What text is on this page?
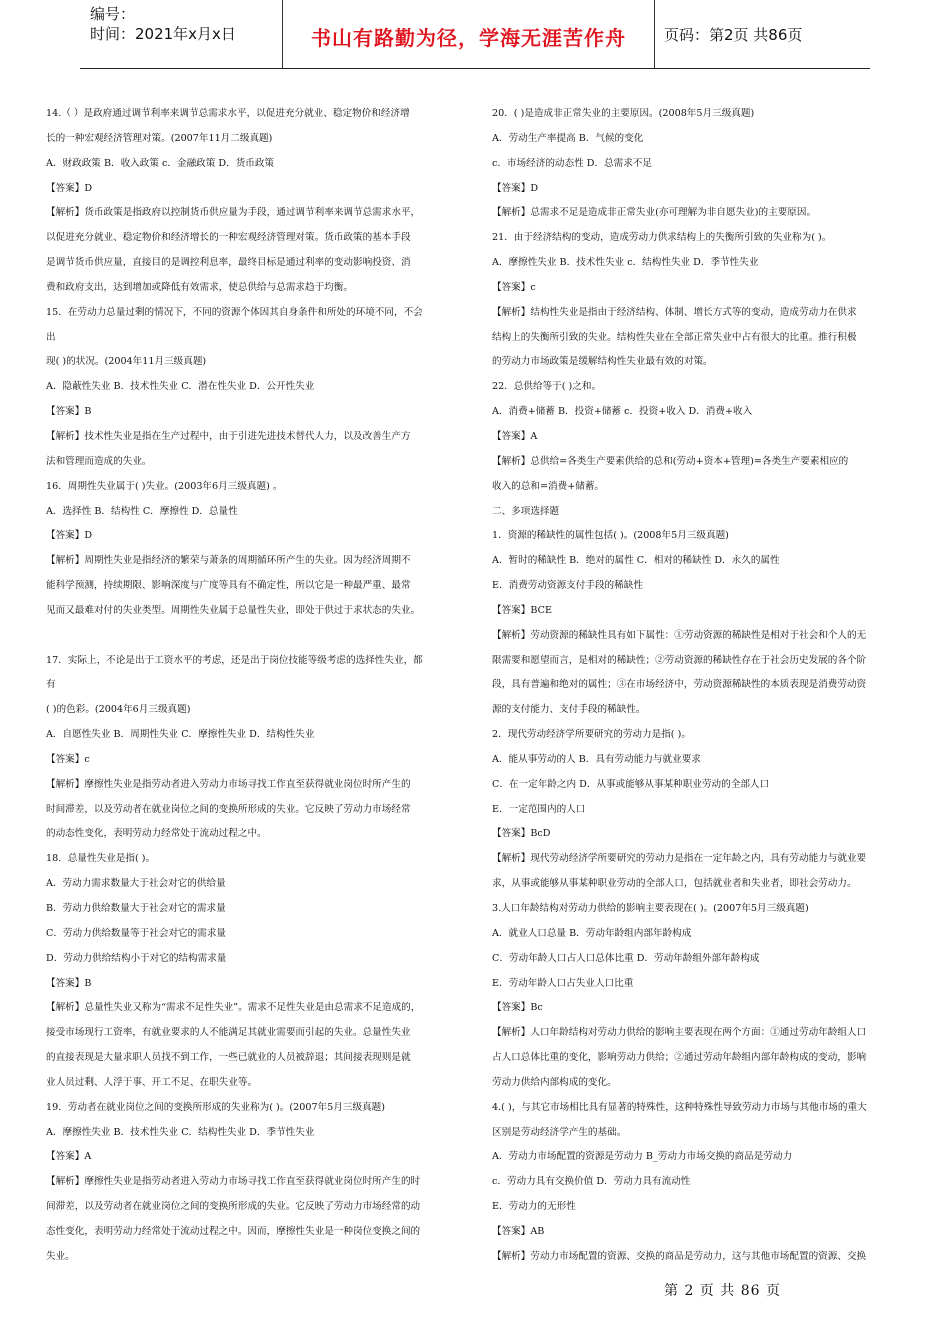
编号：
时间：2021年x月x日	书山有路勤为径，学海无涯苦作舟	页码：第2页 共86页
14.（ ）是政府通过调节利率来调节总需求水平，以促进充分就业、稳定物价和经济增
长的一种宏观经济管理对策。(2007年11月二级真题)
A．财政政策 B．收入政策 c．金融政策 D．货币政策
【答案】D
【解析】货币政策是指政府以控制货币供应量为手段，通过调节利率来调节总需求水平，
以促进充分就业、稳定物价和经济增长的一种宏观经济管理对策。货币政策的基本手段
是调节货币供应量，直接目的是调控利息率，最终目标是通过利率的变动影响投资、消
费和政府支出，达到增加或降低有效需求，使总供给与总需求趋于均衡。
15．在劳动力总量过剩的情况下，不同的资源个体因其自身条件和所处的环境不同，不会
出
现( )的状况。(2004年11月三级真题)
A．隐蔽性失业 B．技术性失业 C．潜在性失业 D．公开性失业
【答案】B
【解析】技术性失业是指在生产过程中，由于引进先进技术替代人力，以及改善生产方
法和管理而造成的失业。
16．周期性失业属于( )失业。(2003年6月三级真题) 。
A．选择性 B．结构性 C．摩擦性 D．总量性
【答案】D
【解析】周期性失业是指经济的繁荣与萧条的周期循环所产生的失业。因为经济周期不
能科学预测，持续期限、影响深度与广度等具有不确定性，所以它是一种最严重、最常
见而又最难对付的失业类型。周期性失业属于总量性失业，即处于供过于求状态的失业。
17．实际上，不论是出于工资水平的考虑，还是出于岗位技能等级考虑的选择性失业，都
有
( )的色彩。(2004年6月三级真题)
A．自愿性失业 B．周期性失业 C．摩擦性失业 D．结构性失业
【答案】c
【解析】摩擦性失业是指劳动者进入劳动力市场寻找工作直至获得就业岗位时所产生的
时间滞差，以及劳动者在就业岗位之间的变换所形成的失业。它反映了劳动力市场经常
的动态性变化，表明劳动力经常处于流动过程之中。
18．总量性失业是指( )。
A．劳动力需求数量大于社会对它的供给量
B．劳动力供给数量大于社会对它的需求量
C．劳动力供给数量等于社会对它的需求量
D．劳动力供给结构小于对它的结构需求量
【答案】B
【解析】总量性失业又称为“需求不足性失业”。需求不足性失业是由总需求不足造成的，
接受市场现行工资率，有就业要求的人不能满足其就业需要而引起的失业。总量性失业
的直接表现是大量求职人员找不到工作，一些已就业的人员被辞退；其间接表现则是就
业人员过剩、人浮于事、开工不足、在职失业等。
19．劳动者在就业岗位之间的变换所形成的失业称为( )。(2007年5月三级真题)
A．摩擦性失业 B．技术性失业 C．结构性失业 D．季节性失业
【答案】A
【解析】摩擦性失业是指劳动者进入劳动力市场寻找工作直至获得就业岗位时所产生的时
间滞差，以及劳动者在就业岗位之间的变换所形成的失业。它反映了劳动力市场经常的动
态性变化，表明劳动力经常处于流动过程之中。因而，摩擦性失业是一种岗位变换之间的
失业。
20．( )是造成非正常失业的主要原因。(2008年5月三级真题)
A．劳动生产率提高 B．气候的变化
c．市场经济的动态性 D．总需求不足
【答案】D
【解析】总需求不足是造成非正常失业(亦可理解为非自愿失业)的主要原因。
21．由于经济结构的变动，造成劳动力供求结构上的失衡所引致的失业称为( )。
A．摩擦性失业 B．技术性失业 c．结构性失业 D．季节性失业
【答案】c
【解析】结构性失业是指由于经济结构、体制、增长方式等的变动，造成劳动力在供求
结构上的失衡所引致的失业。结构性失业在全部正常失业中占有很大的比重。推行积极
的劳动力市场政策是缓解结构性失业最有效的对策。
22．总供给等于( )之和。
A．消费+储蓄 B．投资+储蓄 c．投资+收入 D．消费+收入
【答案】A
【解析】总供给=各类生产要素供给的总和(劳动+资本+管理)=各类生产要素相应的
收入的总和=消费+储蓄。
二、多项选择题
1．资源的稀缺性的属性包括( )。(2008年5月三级真题)
A．暂时的稀缺性 B．绝对的属性 C．相对的稀缺性 D．永久的属性
E．消费劳动资源支付手段的稀缺性
【答案】BCE
【解析】劳动资源的稀缺性具有如下属性：①劳动资源的稀缺性是相对于社会和个人的无
限需要和愿望而言，是相对的稀缺性；②劳动资源的稀缺性存在于社会历史发展的各个阶
段，具有普遍和绝对的属性；③在市场经济中，劳动资源稀缺性的本质表现是消费劳动资
源的支付能力、支付手段的稀缺性。
2．现代劳动经济学所要研究的劳动力是指( )。
A．能从事劳动的人 B．具有劳动能力与就业要求
C．在一定年龄之内 D．从事或能够从事某种职业劳动的全部人口
E．一定范围内的人口
【答案】BcD
【解析】现代劳动经济学所要研究的劳动力是指在一定年龄之内，具有劳动能力与就业要
求，从事或能够从事某种职业劳动的全部人口，包括就业者和失业者，即社会劳动力。
3.人口年龄结构对劳动力供给的影响主要表现在( )。(2007年5月三级真题)
A．就业人口总量 B．劳动年龄组内部年龄构成
C．劳动年龄人口占人口总体比重 D．劳动年龄组外部年龄构成
E．劳动年龄人口占失业人口比重
【答案】Bc
【解析】人口年龄结构对劳动力供给的影响主要表现在两个方面：①通过劳动年龄组人口
占人口总体比重的变化，影响劳动力供给；②通过劳动年龄组内部年龄构成的变动，影响
劳动力供给内部构成的变化。
4.( )，与其它市场相比具有显著的特殊性，这种特殊性导致劳动力市场与其他市场的重大
区别是劳动经济学产生的基础。
A．劳动力市场配置的资源是劳动力 B_劳动力市场交换的商品是劳动力
c．劳动力具有交换价值 D．劳动力具有流动性
E．劳动力的无形性
【答案】AB
【解析】劳动力市场配置的资源、交换的商品是劳动力，这与其他市场配置的资源、交换
第 2 页 共 86 页
